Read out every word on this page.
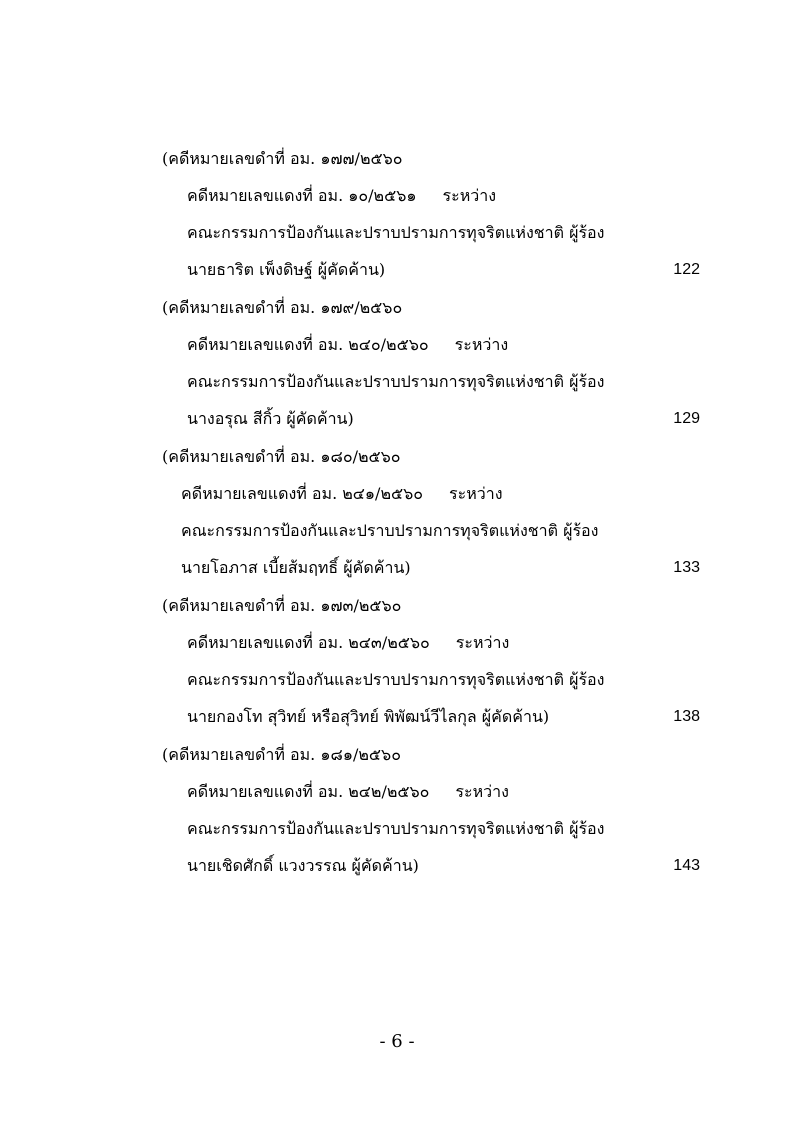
(คดีหมายเลขดำที่ อม. ๑๗๗/๒๕๖๐
คดีหมายเลขแดงที่ อม. ๑๐/๒๕๖๑ ระหว่าง
คณะกรรมการป้องกันและปราบปรามการทุจริตแห่งชาติ ผู้ร้อง
นายธาริต เพ็งดิษฐ์ ผู้คัดค้าน)	122
(คดีหมายเลขดำที่ อม. ๑๗๙/๒๕๖๐
คดีหมายเลขแดงที่ อม. ๒๔๐/๒๕๖๐ ระหว่าง
คณะกรรมการป้องกันและปราบปรามการทุจริตแห่งชาติ ผู้ร้อง
นางอรุณ สีกิ้ว ผู้คัดค้าน)	129
(คดีหมายเลขดำที่ อม. ๑๘๐/๒๕๖๐
คดีหมายเลขแดงที่ อม. ๒๔๑/๒๕๖๐ ระหว่าง
คณะกรรมการป้องกันและปราบปรามการทุจริตแห่งชาติ ผู้ร้อง
นายโอภาส เบี้ยส้มฤทธิ์ ผู้คัดค้าน)	133
(คดีหมายเลขดำที่ อม. ๑๗๓/๒๕๖๐
คดีหมายเลขแดงที่ อม. ๒๔๓/๒๕๖๐ ระหว่าง
คณะกรรมการป้องกันและปราบปรามการทุจริตแห่งชาติ ผู้ร้อง
นายกองโท สุวิทย์ หรือสุวิทย์ พิพัฒน์วีไลกุล ผู้คัดค้าน)	138
(คดีหมายเลขดำที่ อม. ๑๘๑/๒๕๖๐
คดีหมายเลขแดงที่ อม. ๒๔๒/๒๕๖๐ ระหว่าง
คณะกรรมการป้องกันและปราบปรามการทุจริตแห่งชาติ ผู้ร้อง
นายเชิดศักดิ์ แวงวรรณ ผู้คัดค้าน)	143
- 6 -
